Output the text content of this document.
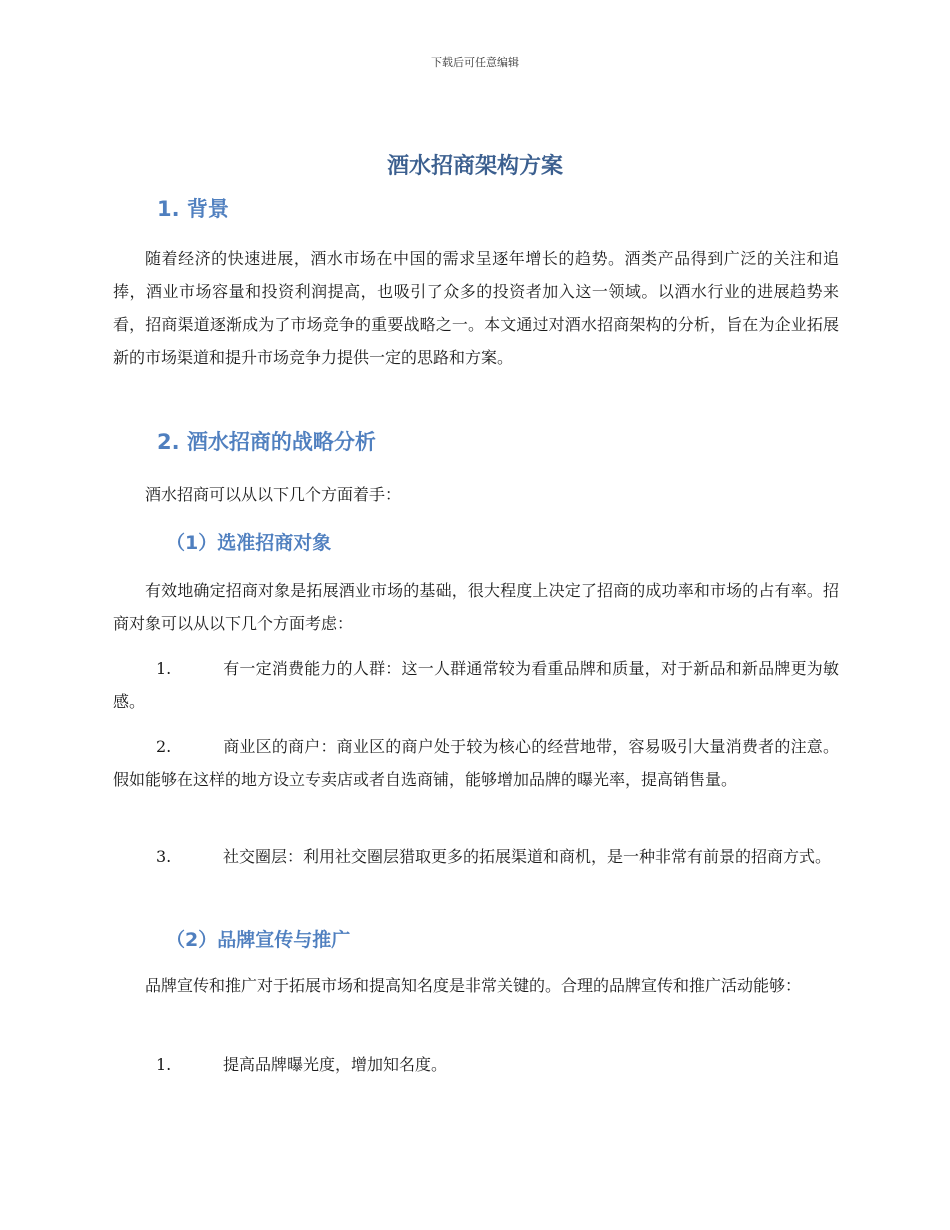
下载后可任意编辑
酒水招商架构方案
1. 背景
随着经济的快速进展，酒水市场在中国的需求呈逐年增长的趋势。酒类产品得到广泛的关注和追捧，酒业市场容量和投资利润提高，也吸引了众多的投资者加入这一领域。以酒水行业的进展趋势来看，招商渠道逐渐成为了市场竞争的重要战略之一。本文通过对酒水招商架构的分析，旨在为企业拓展新的市场渠道和提升市场竞争力提供一定的思路和方案。
2. 酒水招商的战略分析
酒水招商可以从以下几个方面着手：
（1）选准招商对象
有效地确定招商对象是拓展酒业市场的基础，很大程度上决定了招商的成功率和市场的占有率。招商对象可以从以下几个方面考虑：
1.	有一定消费能力的人群：这一人群通常较为看重品牌和质量，对于新品和新品牌更为敏感。
2.	商业区的商户：商业区的商户处于较为核心的经营地带，容易吸引大量消费者的注意。假如能够在这样的地方设立专卖店或者自选商铺，能够增加品牌的曝光率，提高销售量。
3.	社交圈层：利用社交圈层猎取更多的拓展渠道和商机，是一种非常有前景的招商方式。
（2）品牌宣传与推广
品牌宣传和推广对于拓展市场和提高知名度是非常关键的。合理的品牌宣传和推广活动能够：
1.	提高品牌曝光度，增加知名度。
